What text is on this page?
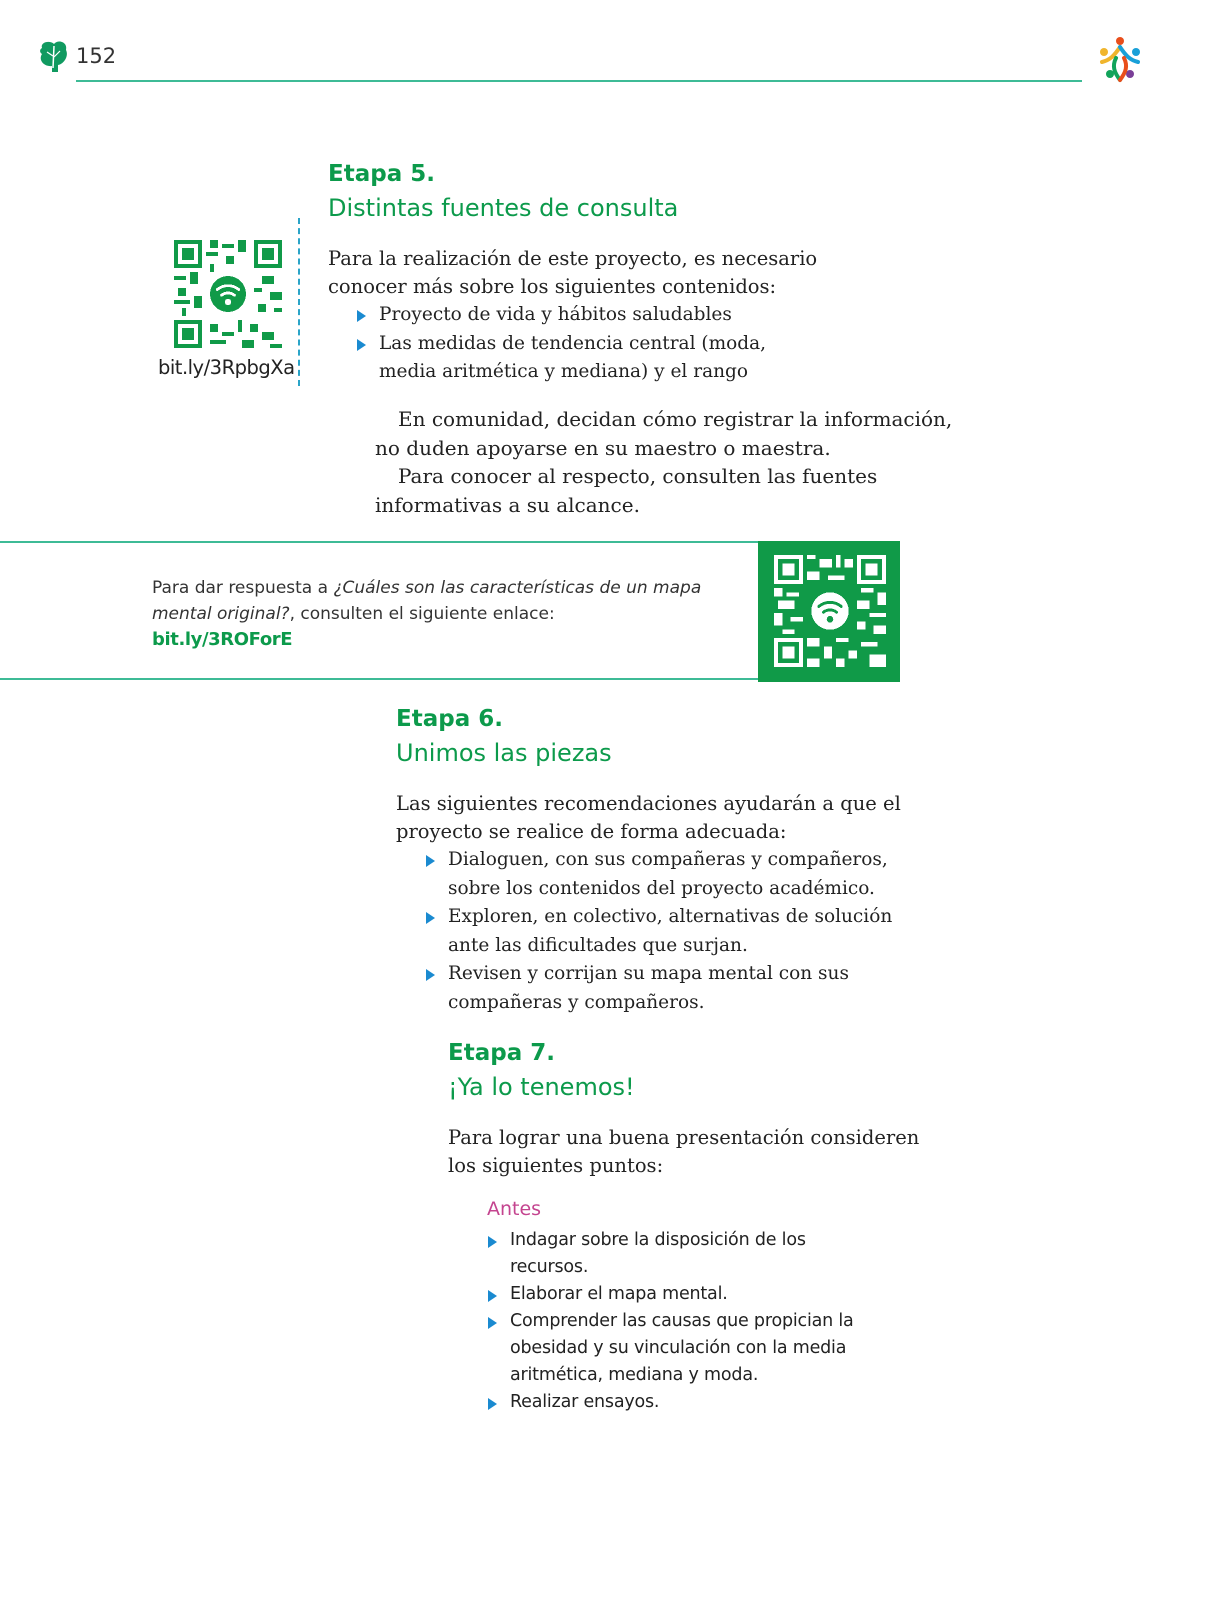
152
Etapa 5.
Distintas fuentes de consulta
bit.ly/3RpbgXa
Para la realización de este proyecto, es necesario
conocer más sobre los siguientes contenidos:
Proyecto de vida y hábitos saludables
Las medidas de tendencia central (moda, media aritmética y mediana) y el rango
En comunidad, decidan cómo registrar la información,
no duden apoyarse en su maestro o maestra.
Para conocer al respecto, consulten las fuentes
informativas a su alcance.
Para dar respuesta a ¿Cuáles son las características de un mapa mental original?, consulten el siguiente enlace:
bit.ly/3ROForE
Etapa 6.
Unimos las piezas
Las siguientes recomendaciones ayudarán a que el
proyecto se realice de forma adecuada:
Dialoguen, con sus compañeras y compañeros, sobre los contenidos del proyecto académico.
Exploren, en colectivo, alternativas de solución ante las dificultades que surjan.
Revisen y corrijan su mapa mental con sus compañeras y compañeros.
Etapa 7.
¡Ya lo tenemos!
Para lograr una buena presentación consideren
los siguientes puntos:
Antes
Indagar sobre la disposición de los recursos.
Elaborar el mapa mental.
Comprender las causas que propician la obesidad y su vinculación con la media aritmética, mediana y moda.
Realizar ensayos.
